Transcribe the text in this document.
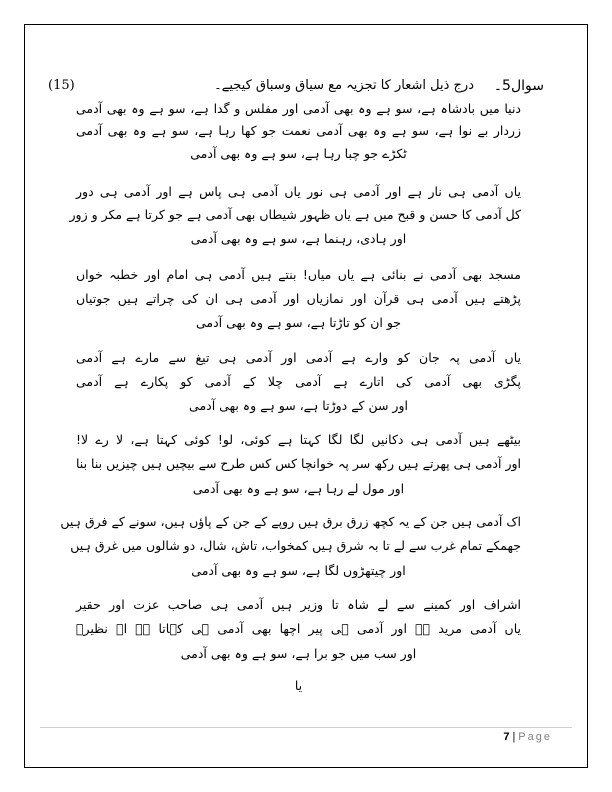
(15)	سوال5۔
درج ذیل اشعار کا تجزیہ مع سیاق وسباق کیجیے۔
دنیا میں بادشاہ ہے، سو ہے وہ بھی آدمی اور مفلس و گدا ہے، سو ہے وہ بھی آدمی
زردار بے نوا ہے، سو ہے وہ بھی آدمی نعمت جو کھا رہا ہے، سو ہے وہ بھی آدمی
ٹکڑے جو چبا رہا ہے، سو ہے وہ بھی آدمی
یاں آدمی ہی نار ہے اور آدمی ہی نور یاں آدمی ہی پاس ہے اور آدمی ہی دور
کل آدمی کا حسن و قبح میں ہے یاں ظہور شیطاں بھی آدمی ہے جو کرتا ہے مکر و زور
اور ہادی، رہنما ہے، سو ہے وہ بھی آدمی
مسجد بھی آدمی نے بنائی ہے یاں میاں! بنتے ہیں آدمی ہی امام اور خطبہ خواں
پڑھتے ہیں آدمی ہی قرآن اور نمازیاں اور آدمی ہی ان کی چراتے ہیں جوتیاں
جو ان کو تاڑتا ہے، سو ہے وہ بھی آدمی
یاں آدمی پہ جان کو وارے ہے آدمی اور آدمی ہی تیغ سے مارے ہے آدمی
پگڑی بھی آدمی کی اتارے ہے آدمی چلا کے آدمی کو پکارے ہے آدمی
اور سن کے دوڑتا ہے، سو ہے وہ بھی آدمی
بیٹھے ہیں آدمی ہی دکانیں لگا لگا کہتا ہے کوئی، لو! کوئی کہتا ہے، لا رے لا!
اور آدمی ہی پھرتے ہیں رکھ سر پہ خوانچا کس کس طرح سے بیچیں ہیں چیزیں بنا بنا
اور مول لے رہا ہے، سو ہے وہ بھی آدمی
اک آدمی ہیں جن کے یہ کچھ زرق برق ہیں روپے کے جن کے پاؤں ہیں، سونے کے فرق ہیں
جھمکے تمام غرب سے لے تا بہ شرق ہیں کمخواب، تاش، شال، دو شالوں میں غرق ہیں
اور چیتھڑوں لگا ہے، سو ہے وہ بھی آدمی
اشراف اور کمینے سے لے شاہ تا وزیر ہیں آدمی ہی صاحب عزت اور حقیر
یاں آدمی مرید ہے اور آدمی ہی پیر اچھا بھی آدمی ہی کہاتا ہے اے نظیرؔ
اور سب میں جو برا ہے، سو ہے وہ بھی آدمی
یا
7 | Page
